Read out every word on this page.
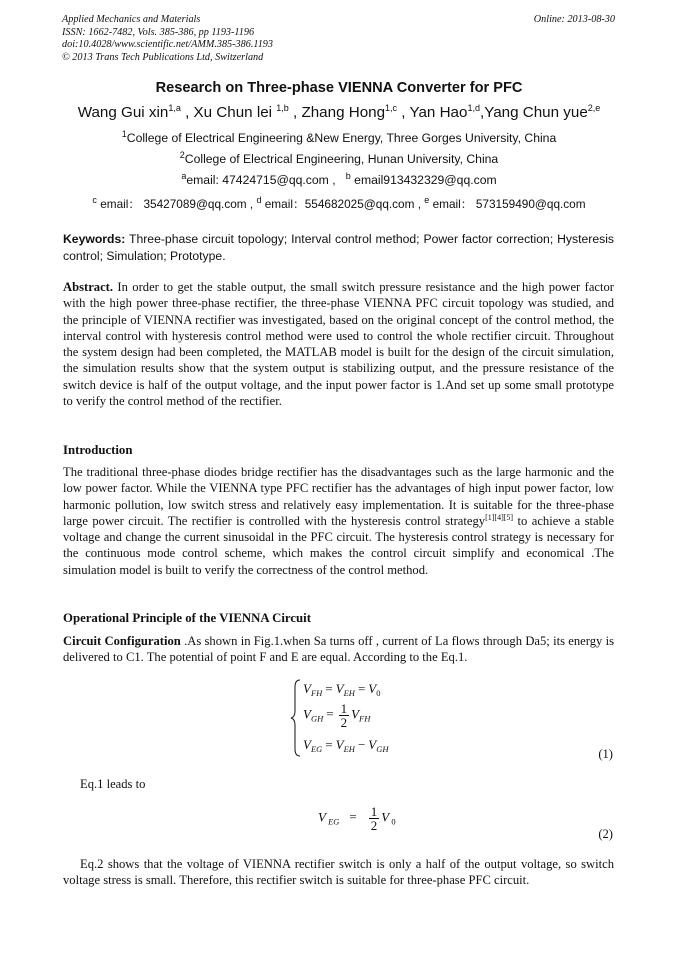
Applied Mechanics and Materials
ISSN: 1662-7482, Vols. 385-386, pp 1193-1196
doi:10.4028/www.scientific.net/AMM.385-386.1193
© 2013 Trans Tech Publications Ltd, Switzerland
Online: 2013-08-30
Research on Three-phase VIENNA Converter for PFC
Wang Gui xin$^{1,a}$ , Xu Chun lei $^{1,b}$ , Zhang Hong$^{1,c}$ , Yan Hao$^{1,d}$,Yang Chun yue$^{2,e}$
$^1$College of Electrical Engineering &New Energy, Three Gorges University, China
$^2$College of Electrical Engineering, Hunan University, China
$^a$email: 47424715@qq.com , $^b$ email913432329@qq.com
$^c$ email： 35427089@qq.com , $^d$ email：554682025@qq.com , $^e$ email： 573159490@qq.com
Keywords: Three-phase circuit topology; Interval control method; Power factor correction; Hysteresis control; Simulation; Prototype.
Abstract. In order to get the stable output, the small switch pressure resistance and the high power factor with the high power three-phase rectifier, the three-phase VIENNA PFC circuit topology was studied, and the principle of VIENNA rectifier was investigated, based on the original concept of the control method, the interval control with hysteresis control method were used to control the whole rectifier circuit. Throughout the system design had been completed, the MATLAB model is built for the design of the circuit simulation, the simulation results show that the system output is stabilizing output, and the pressure resistance of the switch device is half of the output voltage, and the input power factor is 1.And set up some small prototype to verify the control method of the rectifier.
Introduction
The traditional three-phase diodes bridge rectifier has the disadvantages such as the large harmonic and the low power factor. While the VIENNA type PFC rectifier has the advantages of high input power factor, low harmonic pollution, low switch stress and relatively easy implementation. It is suitable for the three-phase large power circuit. The rectifier is controlled with the hysteresis control strategy[1][4][5] to achieve a stable voltage and change the current sinusoidal in the PFC circuit. The hysteresis control strategy is necessary for the continuous mode control scheme, which makes the control circuit simplify and economical .The simulation model is built to verify the correctness of the control method.
Operational Principle of the VIENNA Circuit
Circuit Configuration .As shown in Fig.1.when Sa turns off , current of La flows through Da5; its energy is delivered to C1. The potential of point F and E are equal. According to the Eq.1.
$V_{FH} = V_{EH} = V_0$
$V_{GH} = \frac{1}{2} V_{FH}$
$V_{EG} = V_{EH} - V_{GH}$	(1)
Eq.1 leads to
V $_{EG} = \frac{1}{2}$ V $_0$
(2)
Eq.2 shows that the voltage of VIENNA rectifier switch is only a half of the output voltage, so switch voltage stress is small. Therefore, this rectifier switch is suitable for three-phase PFC circuit.
